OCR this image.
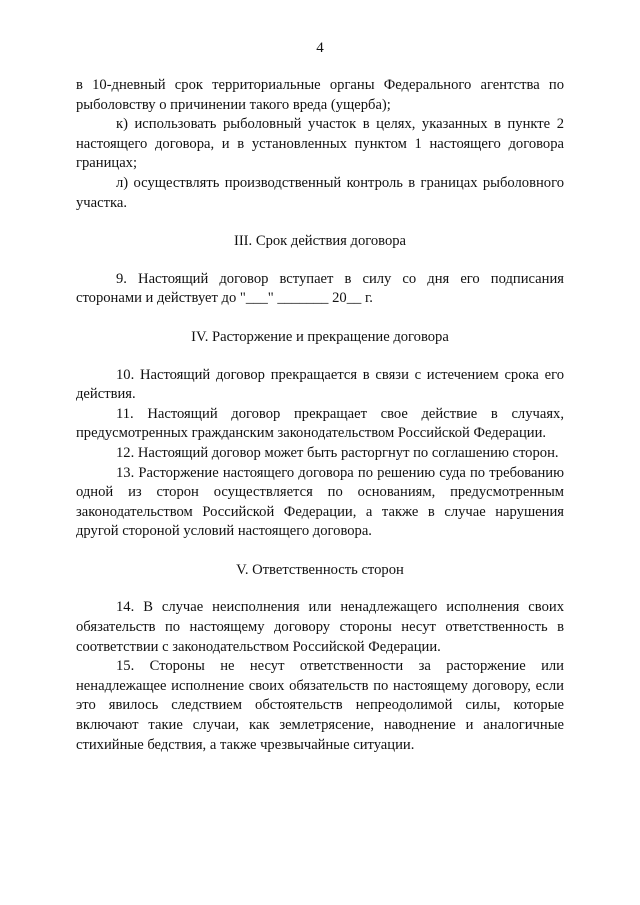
4

в 10-дневный срок территориальные органы Федерального агентства по рыболовству о причинении такого вреда (ущерба);

к) использовать рыболовный участок в целях, указанных в пункте 2 настоящего договора, и в установленных пунктом 1 настоящего договора границах;

л) осуществлять производственный контроль в границах рыболовного участка.

III. Срок действия договора

9. Настоящий договор вступает в силу со дня его подписания сторонами и действует до "___" _______ 20__ г.

IV. Расторжение и прекращение договора

10. Настоящий договор прекращается в связи с истечением срока его действия.

11. Настоящий договор прекращает свое действие в случаях, предусмотренных гражданским законодательством Российской Федерации.

12. Настоящий договор может быть расторгнут по соглашению сторон.

13. Расторжение настоящего договора по решению суда по требованию одной из сторон осуществляется по основаниям, предусмотренным законодательством Российской Федерации, а также в случае нарушения другой стороной условий настоящего договора.

V. Ответственность сторон

14. В случае неисполнения или ненадлежащего исполнения своих обязательств по настоящему договору стороны несут ответственность в соответствии с законодательством Российской Федерации.

15. Стороны не несут ответственности за расторжение или ненадлежащее исполнение своих обязательств по настоящему договору, если это явилось следствием обстоятельств непреодолимой силы, которые включают такие случаи, как землетрясение, наводнение и аналогичные стихийные бедствия, а также чрезвычайные ситуации.
